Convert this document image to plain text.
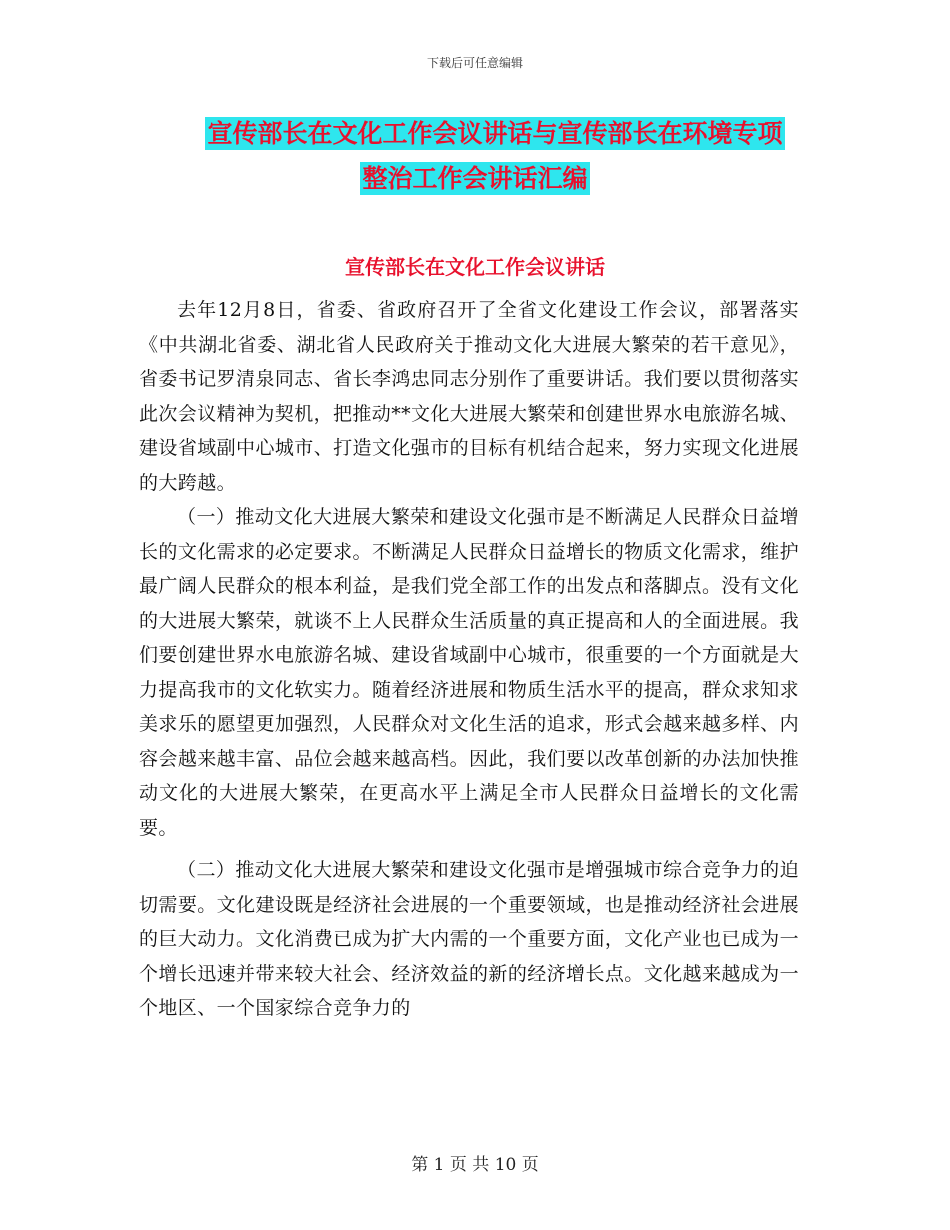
下载后可任意编辑
宣传部长在文化工作会议讲话与宣传部长在环境专项
整治工作会讲话汇编
宣传部长在文化工作会议讲话

去年12月8日，省委、省政府召开了全省文化建设工作会议，部署落实《中共湖北省委、湖北省人民政府关于推动文化大进展大繁荣的若干意见》，省委书记罗清泉同志、省长李鸿忠同志分别作了重要讲话。我们要以贯彻落实此次会议精神为契机，把推动**文化大进展大繁荣和创建世界水电旅游名城、建设省域副中心城市、打造文化强市的目标有机结合起来，努力实现文化进展的大跨越。

（一）推动文化大进展大繁荣和建设文化强市是不断满足人民群众日益增长的文化需求的必定要求。不断满足人民群众日益增长的物质文化需求，维护最广阔人民群众的根本利益，是我们党全部工作的出发点和落脚点。没有文化的大进展大繁荣，就谈不上人民群众生活质量的真正提高和人的全面进展。我们要创建世界水电旅游名城、建设省域副中心城市，很重要的一个方面就是大力提高我市的文化软实力。随着经济进展和物质生活水平的提高，群众求知求美求乐的愿望更加强烈，人民群众对文化生活的追求，形式会越来越多样、内容会越来越丰富、品位会越来越高档。因此，我们要以改革创新的办法加快推动文化的大进展大繁荣，在更高水平上满足全市人民群众日益增长的文化需要。

（二）推动文化大进展大繁荣和建设文化强市是增强城市综合竞争力的迫切需要。文化建设既是经济社会进展的一个重要领域，也是推动经济社会进展的巨大动力。文化消费已成为扩大内需的一个重要方面，文化产业也已成为一个增长迅速并带来较大社会、经济效益的新的经济增长点。文化越来越成为一个地区、一个国家综合竞争力的

第 1 页 共 10 页
